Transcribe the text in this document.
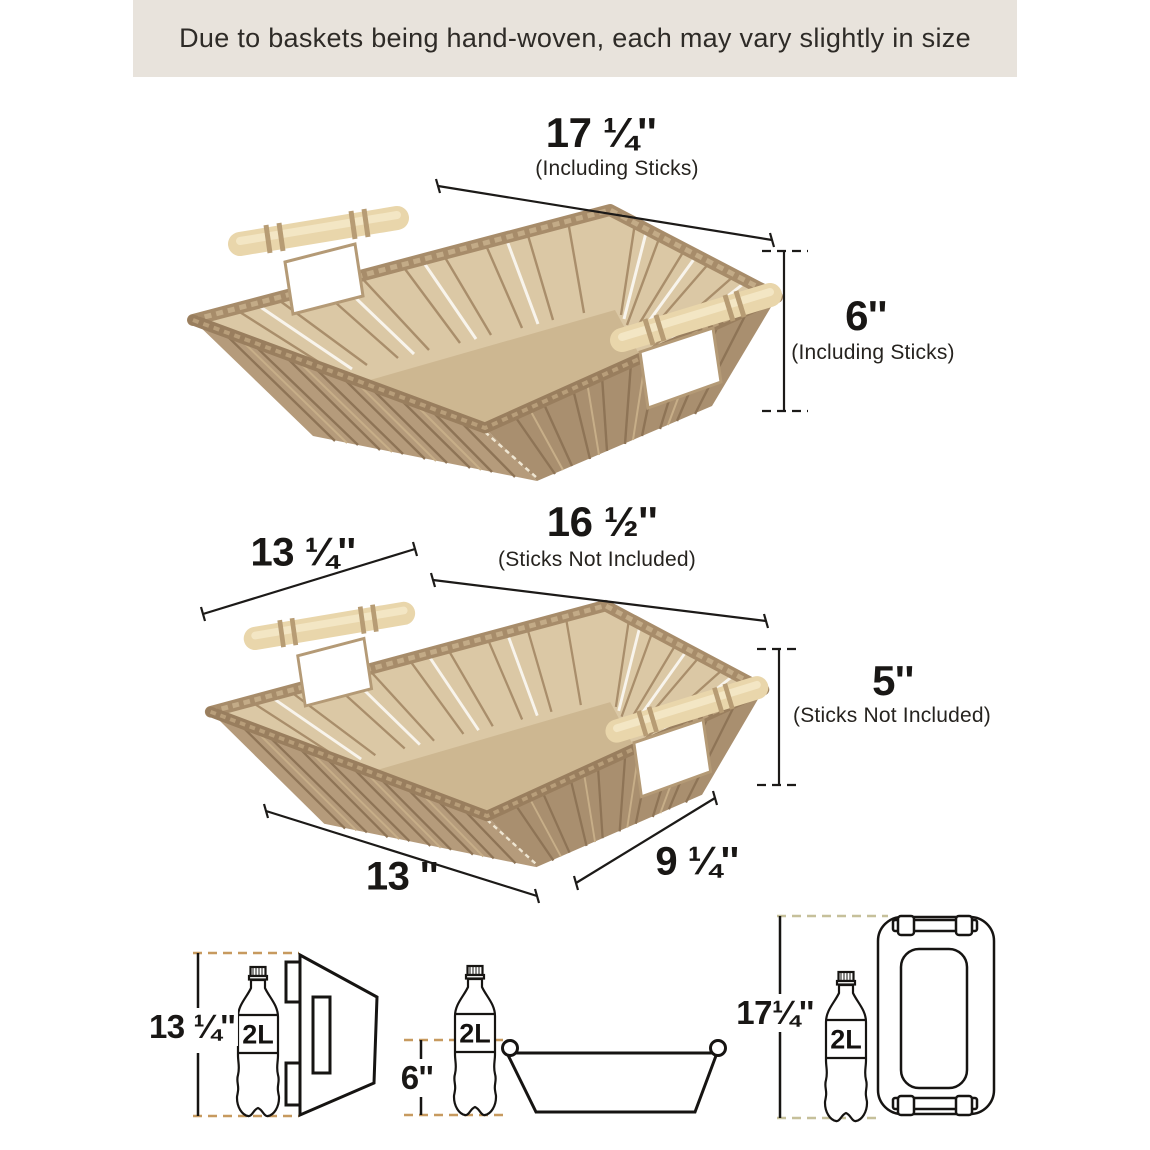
Due to baskets being hand-woven, each may vary slightly in size
17 ¼''
(Including Sticks)
6''
(Including Sticks)
13 ¼''
16 ½''
(Sticks Not Included)
5''
(Sticks Not Included)
13 ''	9 ¼''
13 ¼''
6''
17¼''
2L	2L	2L
